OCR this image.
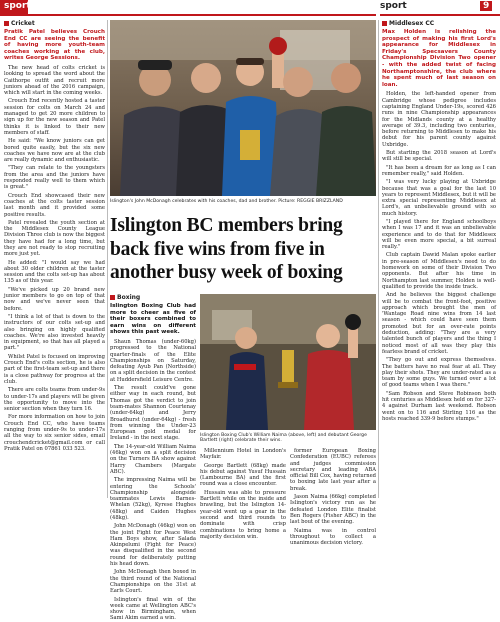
sport	sport	9
Cricket

Pratik Patel believes Crouch End CC are seeing the benefit of having more youth-team coaches working at the club, writes George Sessions.

The new head of colts cricket is looking to spread the word about the Caithorpe outfit and recruit more juniors ahead of the 2016 campaign, which will start in the coming weeks.

Crouch End recently hosted a taster session for colts on March 24 and managed to get 20 more children to sign up for the new season and Patel thinks it is linked to their new members of staff.

He said: "We know juniors can get bored quite easily, but the six new coaches we have now are at the club are really dynamic and enthusiastic.

"They can relate to the youngsters from the area and the juniors have responded really well to them which is great."

Crouch End showcased their new coaches at the colts taster session last month and it provided some positive results.

Patel revealed the youth section at the Middlesex County League Division Three club is now the biggest they have had for a long time, but they are not ready to stop recruiting more just yet.

He added: "I would say we had about 30 older children at the taster session and the colts set-up has about 135 as of this year.

"We've picked up 20 brand new junior members to go on top of that now and we've never seen that before.

"I think a lot of that is down to the instructors of our colts set-up and also bringing on highly qualified coaches. We're also invested heavily in equipment, so that has all played a part."

Whilst Patel is focused on improving Crouch End's colts section, he is also part of the first-team set-up and there is a close pathway for progress at the club.

There are colts teams from under-9s to under-17s and players will be given the opportunity to move into the senior section when they turn 16.

For more information on how to join Crouch End CC, who have teams ranging from under-9s to under-17s all the way to six senior sides, email crouchendcricket@gmail.com or call Pratik Patel on 07861 033 523.

Islington's John McDonagh celebrates with his coaches, dad and brother. Picture: REGGIE BRIZZLAND
Islington BC members bring back five wins from five in another busy week of boxing
Boxing

Islington Boxing Club had more to cheer as five of their boxers combined to earn wins on different shows this past week.

Shaun Thomas (under-60kg) progressed to the National quarter-finals of the Elite Championships on Saturday, defeating Ayub Pan (Northside) on a split decision in the contest at Huddersfield Leisure Centre.

The result could've gone either way in each round, but Thomas got the verdict to join team-mates Shannon Courtenay (under-64kg) and Jerry Broadhurst (under-64kg) - fresh from winning the Under-23 European gold medal for Ireland - in the next stage.

The 14-year-old William Naima (46kg) won on a split decision on the Turners BA show against Harry Chambers (Margate ABC).

The impressing Naima will be entering the Schools' Championship alongside teammates Lewis Barnes-Whelan (52kg), Kyrese Hughes (48kg) and Caiden Hughes (48kg).

John McDonagh (46kg) won on the joint Fight for Peace West Ham Boys show, after Salada Akinpelumi (Fight for Peace) was disqualified in the second round for deliberately putting his head down.

John McDonagh then boxed in the third round of the National Championships on the 31st at Earls Court.

Islington's final win of the week came at Wellington ABC's show in Birmingham, when Sami Akim earned a win.

Islington Boxing Club's William Naima (above, left) and debutant George Bartlett (right) celebrate their wins.

Millennium Hotel in London's Mayfair.

George Bartlett (68kg) made his debut against Yusuf Hussain (Lambourne BA) and the first round was a close encounter.

Hussain was able to pressure Bartlett while on the inside and brawling, but the Islington 14-year-old went up a gear in the second and third rounds to dominate with crisp combinations to bring home a majority decision win.

former European Boxing Confederation (EUBC) referees and judges commission secretary and leading ABA official Bill Cox, having returned to boxing late last year after a break.

Jason Naima (66kg) completed Islington's victory run as he defeated London Elite finalist Ben Rogers (Fisher ABC) in the last bout of the evening.

Naima was in control throughout to collect a unanimous decision victory.

Middlesex CC

Max Holden is relishing the prospect of making his first Lord's appearance for Middlesex in Friday's Specsavers County Championship Division Two opener - with the added twist of facing Northamptonshire, the club where he spent much of last season on loan.

Holden, the left-handed opener from Cambridge whose pedigree includes captaining England Under-19s, scored 426 runs in nine Championship appearances for the Midlands county at a healthy average of 39.3, including two centuries, before returning to Middlesex to make his debut for his parent county against Uxbridge.

But starting the 2018 season at Lord's will still be special.

"It has been a dream for as long as I can remember really," said Holden.

"I was very lucky playing at Uxbridge because that was a goal for the last 10 years to represent Middlesex, but it will be extra special representing Middlesex at Lord's, an unbelievable ground with so much history.

"I played there for England schoolboys when I was 17 and it was an unbelievable experience and to do that for Middlesex will be even more special, a bit surreal really."

Club captain Dawid Malan spoke earlier in pre-season of Middlesex's need to do homework on some of their Division Two opponents. But after his time in Northampton last summer, Holden is well-qualified to provide the inside track.

And he believes the biggest challenge will be to combat the front-foot, positive approach which brought the men of 'Wantage Road nine wins from 14 last season - which could have seen them promoted but for an over-rate points deduction, adding: "They are a very talented bunch of players and the thing I noticed most of all was they play this fearless brand of cricket.

"They go out and express themselves. The batters have no real fear at all. They play their shots. They are under-rated as a team by some guys. We turned over a lot of good teams when I was there."

"Sam Robson and Steve Robinson both hit centuries as Middlesex held on for 327-4 against Durham last weekend. Robson went on to 116 and Stirling 116 as the hosts reached 339-9 before stumps."
